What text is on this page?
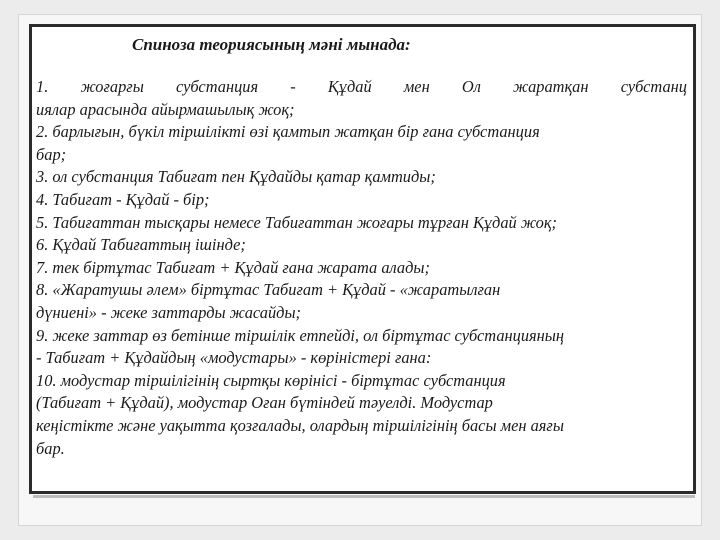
Спиноза теориясының мәні мынада:
1. жоғарғы субстанция - Құдай мен Ол жаратқан субстанц
иялар арасында айырмашылық жоқ;
2. барлығын, бүкіл тіршілікті өзі қамтып жатқан бір ғана субстанция
бар;
3. ол субстанция Табиғат пен Құдайды қатар қамтиды;
4. Табиғат - Құдай - бір;
5. Табиғаттан тысқары немесе Табиғаттан жоғары тұрған Құдай жоқ;
6. Құдай Табиғаттың ішінде;
7. тек біртұтас Табиғат + Құдай ғана жарата алады;
8. «Жаратушы әлем» біртұтас Табиғат + Құдай - «жаратылған
дүниені» - жеке заттарды жасайды;
9. жеке заттар өз бетінше тіршілік етпейді, ол біртұтас субстанцияның
- Табиғат + Құдайдың «модустары» - көріністері ғана:
10. модустар тіршілігінің сыртқы көрінісі - біртұтас субстанция
(Табиғат + Құдай), модустар Оған бүтіндей тәуелді. Модустар
кеңістікте және уақытта қозғалады, олардың тіршілігінің басы мен аяғы
бар.
